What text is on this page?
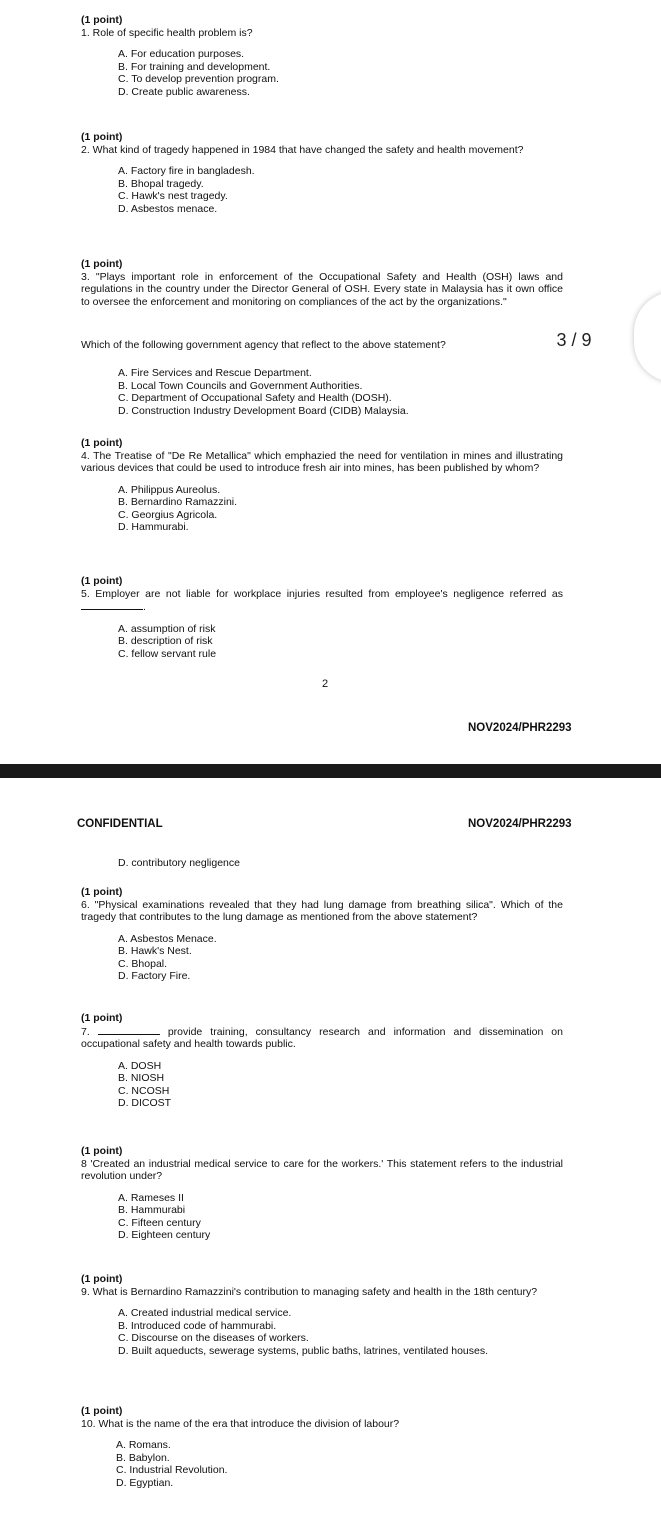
(1 point)
1. Role of specific health problem is?
A. For education purposes.
B. For training and development.
C. To develop prevention program.
D. Create public awareness.
(1 point)
2. What kind of tragedy happened in 1984 that have changed the safety and health movement?
A. Factory fire in bangladesh.
B. Bhopal tragedy.
C. Hawk's nest tragedy.
D. Asbestos menace.
(1 point)
3. "Plays important role in enforcement of the Occupational Safety and Health (OSH) laws and regulations in the country under the Director General of OSH. Every state in Malaysia has it own office to oversee the enforcement and monitoring on compliances of the act by the organizations."
Which of the following government agency that reflect to the above statement?
A. Fire Services and Rescue Department.
B. Local Town Councils and Government Authorities.
C. Department of Occupational Safety and Health (DOSH).
D. Construction Industry Development Board (CIDB) Malaysia.
(1 point)
4. The Treatise of "De Re Metallica" which emphazied the need for ventilation in mines and illustrating various devices that could be used to introduce fresh air into mines, has been published by whom?
A. Philippus Aureolus.
B. Bernardino Ramazzini.
C. Georgius Agricola.
D. Hammurabi.
(1 point)
5. Employer are not liable for workplace injuries resulted from employee's negligence referred as .
A. assumption of risk
B. description of risk
C. fellow servant rule
2
NOV2024/PHR2293
3 / 9
CONFIDENTIAL	NOV2024/PHR2293
D. contributory negligence
(1 point)
6. "Physical examinations revealed that they had lung damage from breathing silica". Which of the tragedy that contributes to the lung damage as mentioned from the above statement?
A. Asbestos Menace.
B. Hawk's Nest.
C. Bhopal.
D. Factory Fire.
(1 point)
7.	provide training, consultancy research and information and dissemination on occupational safety and health towards public.
A. DOSH
B. NIOSH
C. NCOSH
D. DICOST
(1 point)
8 'Created an industrial medical service to care for the workers.' This statement refers to the industrial revolution under?
A. Rameses II
B. Hammurabi
C. Fifteen century
D. Eighteen century
(1 point)
9. What is Bernardino Ramazzini's contribution to managing safety and health in the 18th century?
A. Created industrial medical service.
B. Introduced code of hammurabi.
C. Discourse on the diseases of workers.
D. Built aqueducts, sewerage systems, public baths, latrines, ventilated houses.
(1 point)
10. What is the name of the era that introduce the division of labour?
A. Romans.
B. Babylon.
C. Industrial Revolution.
D. Egyptian.
